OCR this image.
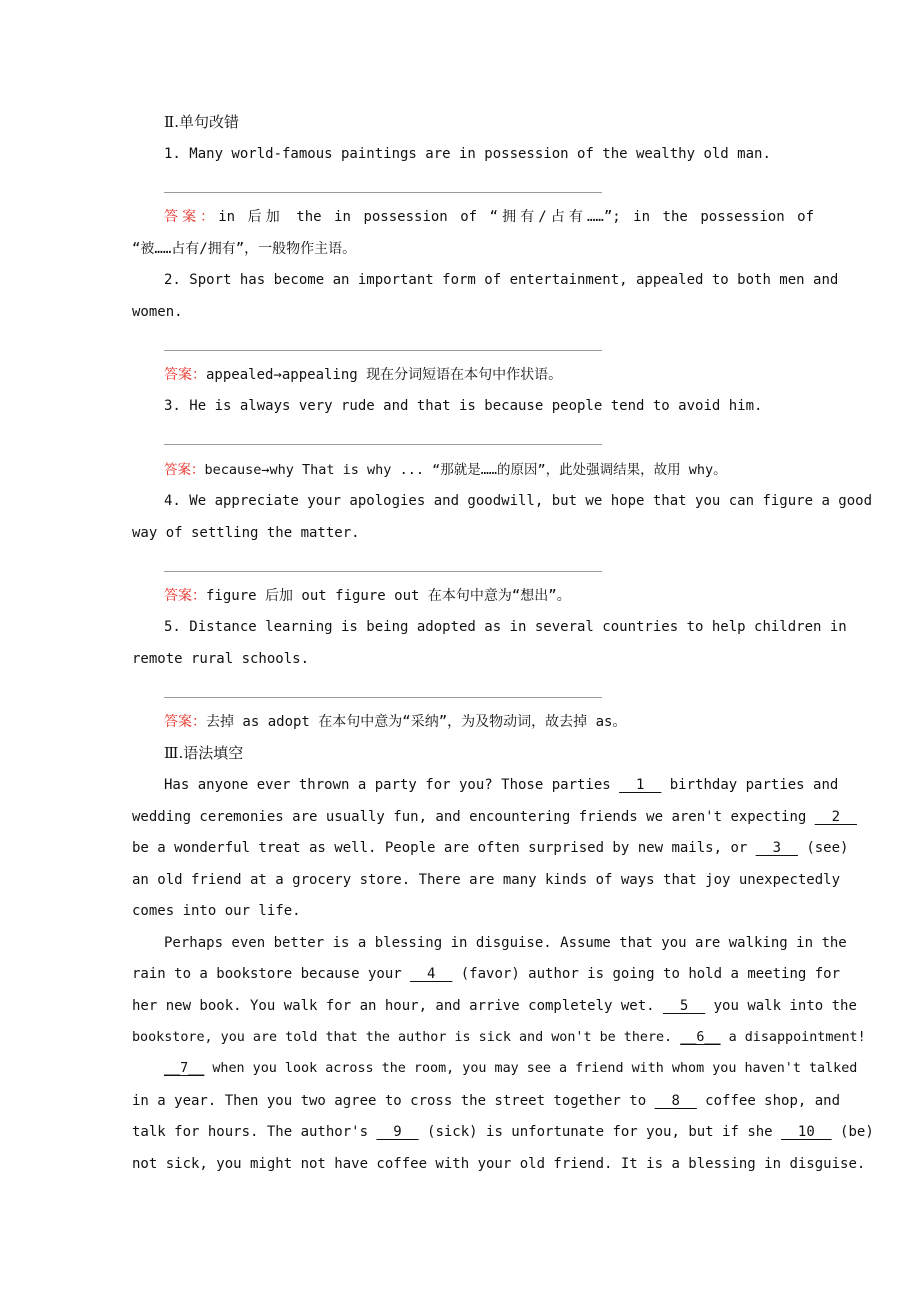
Ⅱ.单句改错
1. Many world-famous paintings are in possession of the wealthy old man.
答案：in 后加 the in possession of “拥有/占有……”; in the possession of
“被……占有/拥有”，一般物作主语。
2. Sport has become an important form of entertainment, appealed to both men and
women.
答案：appealed→appealing 现在分词短语在本句中作状语。
3. He is always very rude and that is because people tend to avoid him.
答案：because→why That is why ... “那就是……的原因”，此处强调结果，故用 why。
4. We appreciate your apologies and goodwill, but we hope that you can figure a good
way of settling the matter.
答案：figure 后加 out figure out 在本句中意为“想出”。
5. Distance learning is being adopted as in several countries to help children in
remote rural schools.
答案：去掉 as adopt 在本句中意为“采纳”，为及物动词，故去掉 as。
Ⅲ.语法填空
Has anyone ever thrown a party for you? Those parties __1__ birthday parties and
wedding ceremonies are usually fun, and encountering friends we aren't expecting __2__
be a wonderful treat as well. People are often surprised by new mails, or __3__ (see)
an old friend at a grocery store. There are many kinds of ways that joy unexpectedly
comes into our life.
Perhaps even better is a blessing in disguise. Assume that you are walking in the
rain to a bookstore because your __4__ (favor) author is going to hold a meeting for
her new book. You walk for an hour, and arrive completely wet. __5__ you walk into the
bookstore, you are told that the author is sick and won't be there. __6__ a disappointment!
__7__ when you look across the room, you may see a friend with whom you haven't talked
in a year. Then you two agree to cross the street together to __8__ coffee shop, and
talk for hours. The author's __9__ (sick) is unfortunate for you, but if she __10__ (be)
not sick, you might not have coffee with your old friend. It is a blessing in disguise.
